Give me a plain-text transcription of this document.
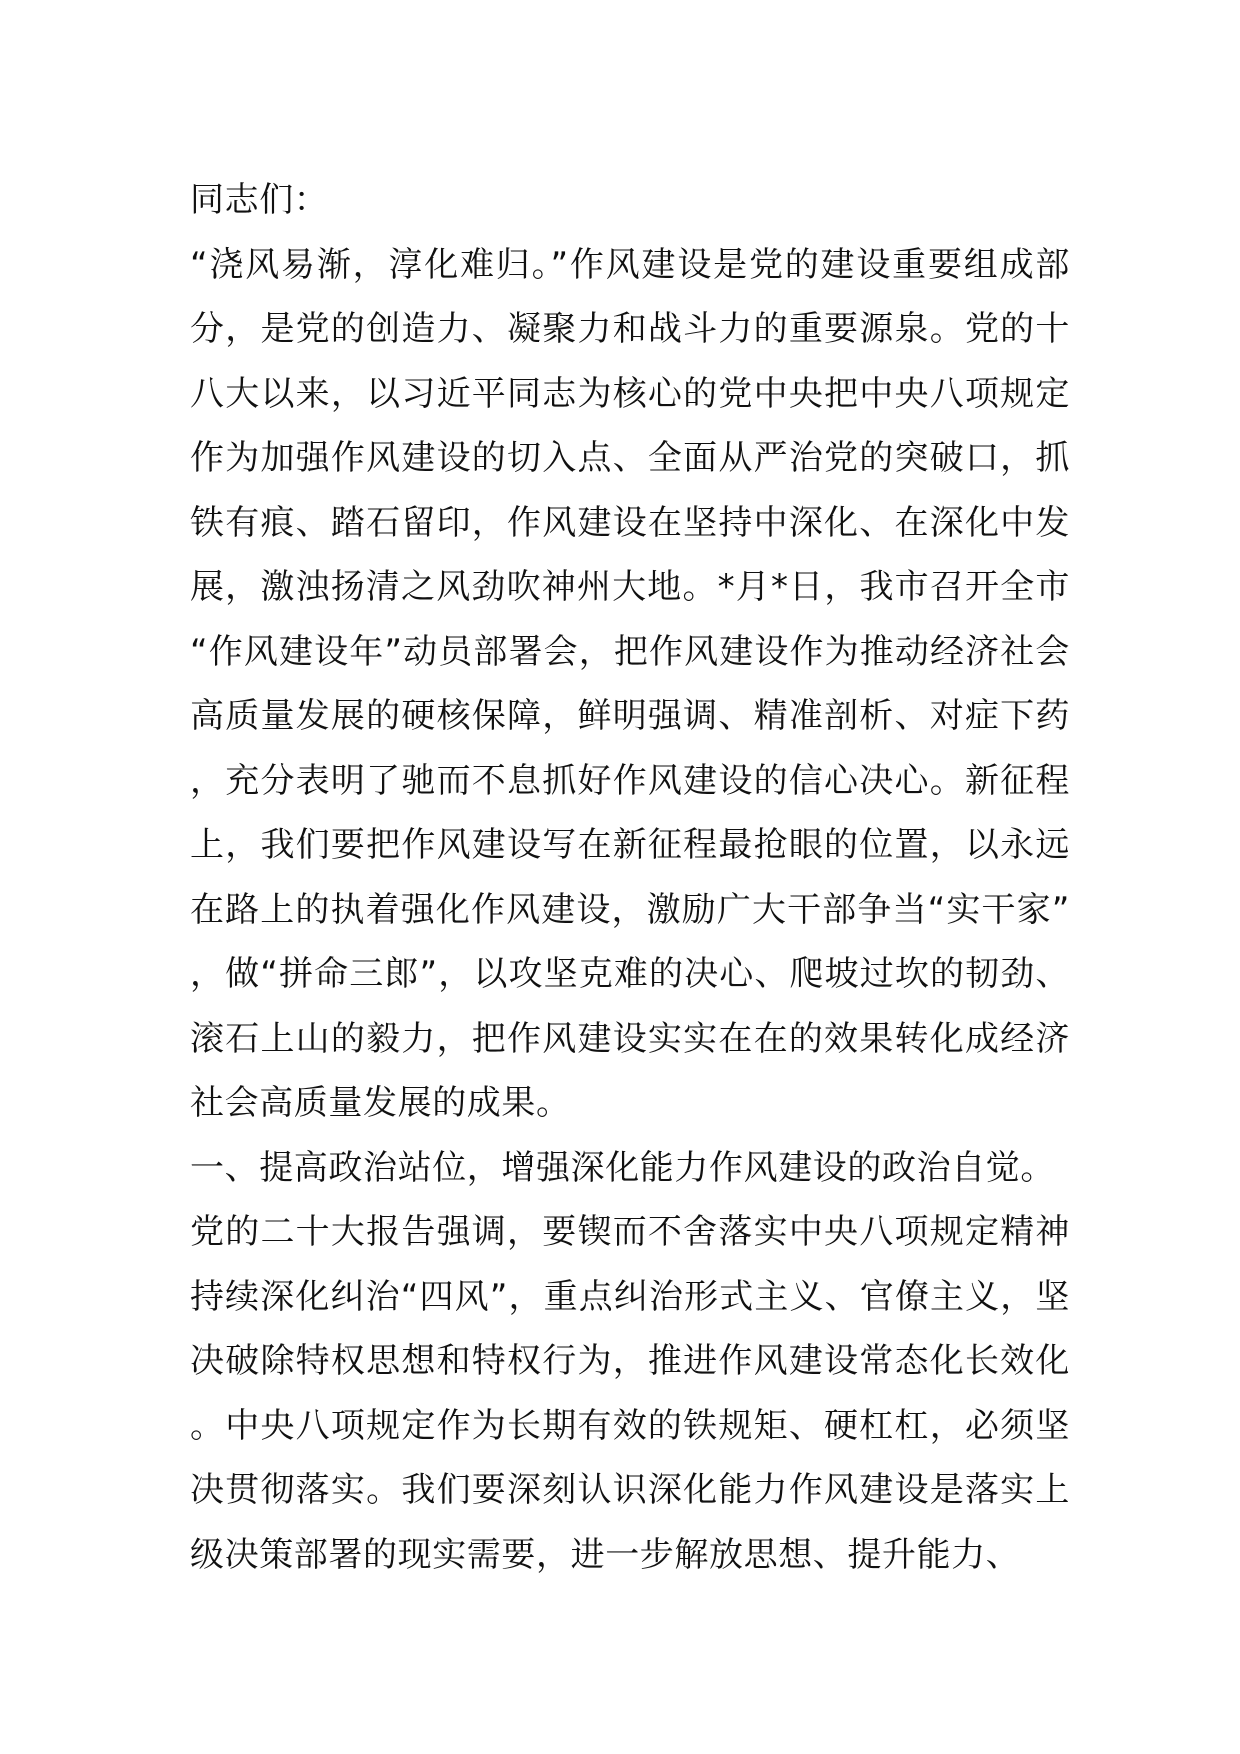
同志们：

“浇风易渐，淳化难归。”作风建设是党的建设重要组成部分，是党的创造力、凝聚力和战斗力的重要源泉。党的十八大以来，以习近平同志为核心的党中央把中央八项规定作为加强作风建设的切入点、全面从严治党的突破口，抓铁有痕、踏石留印，作风建设在坚持中深化、在深化中发展，激浊扬清之风劲吹神州大地。*月*日，我市召开全市“作风建设年”动员部署会，把作风建设作为推动经济社会高质量发展的硬核保障，鲜明强调、精准剖析、对症下药，充分表明了驰而不息抓好作风建设的信心决心。新征程上，我们要把作风建设写在新征程最抢眼的位置，以永远在路上的执着强化作风建设，激励广大干部争当“实干家”，做“拼命三郎”，以攻坚克难的决心、爬坡过坎的韧劲、滚石上山的毅力，把作风建设实实在在的效果转化成经济社会高质量发展的成果。

一、提高政治站位，增强深化能力作风建设的政治自觉。

党的二十大报告强调，要锲而不舍落实中央八项规定精神持续深化纠治“四风”，重点纠治形式主义、官僚主义，坚决破除特权思想和特权行为，推进作风建设常态化长效化。中央八项规定作为长期有效的铁规矩、硬杠杠，必须坚决贯彻落实。我们要深刻认识深化能力作风建设是落实上级决策部署的现实需要，进一步解放思想、提升能力、
